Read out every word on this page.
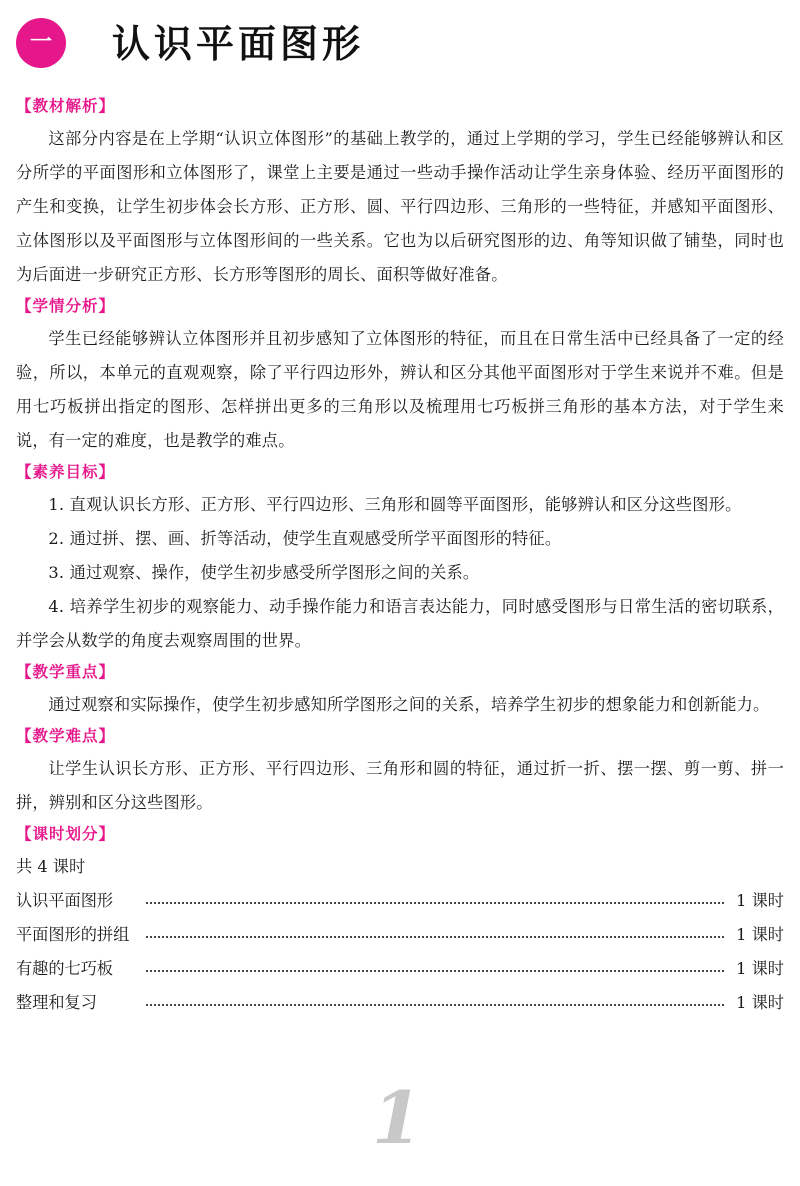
一 认识平面图形
【教材解析】

这部分内容是在上学期“认识立体图形”的基础上教学的，通过上学期的学习，学生已经能够辨认和区分所学的平面图形和立体图形了，课堂上主要是通过一些动手操作活动让学生亲身体验、经历平面图形的产生和变换，让学生初步体会长方形、正方形、圆、平行四边形、三角形的一些特征，并感知平面图形、立体图形以及平面图形与立体图形间的一些关系。它也为以后研究图形的边、角等知识做了铺垫，同时也为后面进一步研究正方形、长方形等图形的周长、面积等做好准备。

【学情分析】

学生已经能够辨认立体图形并且初步感知了立体图形的特征，而且在日常生活中已经具备了一定的经验，所以，本单元的直观观察，除了平行四边形外，辨认和区分其他平面图形对于学生来说并不难。但是用七巧板拼出指定的图形、怎样拼出更多的三角形以及梳理用七巧板拼三角形的基本方法，对于学生来说，有一定的难度，也是教学的难点。

【素养目标】

1. 直观认识长方形、正方形、平行四边形、三角形和圆等平面图形，能够辨认和区分这些图形。

2. 通过拼、摆、画、折等活动，使学生直观感受所学平面图形的特征。

3. 通过观察、操作，使学生初步感受所学图形之间的关系。

4. 培养学生初步的观察能力、动手操作能力和语言表达能力，同时感受图形与日常生活的密切联系，并学会从数学的角度去观察周围的世界。

【教学重点】

通过观察和实际操作，使学生初步感知所学图形之间的关系，培养学生初步的想象能力和创新能力。

【教学难点】

让学生认识长方形、正方形、平行四边形、三角形和圆的特征，通过折一折、摆一摆、剪一剪、拼一拼，辨别和区分这些图形。

【课时划分】

共 4 课时

认识平面图形	1 课时
平面图形的拼组	1 课时
有趣的七巧板	1 课时
整理和复习	1 课时
1
